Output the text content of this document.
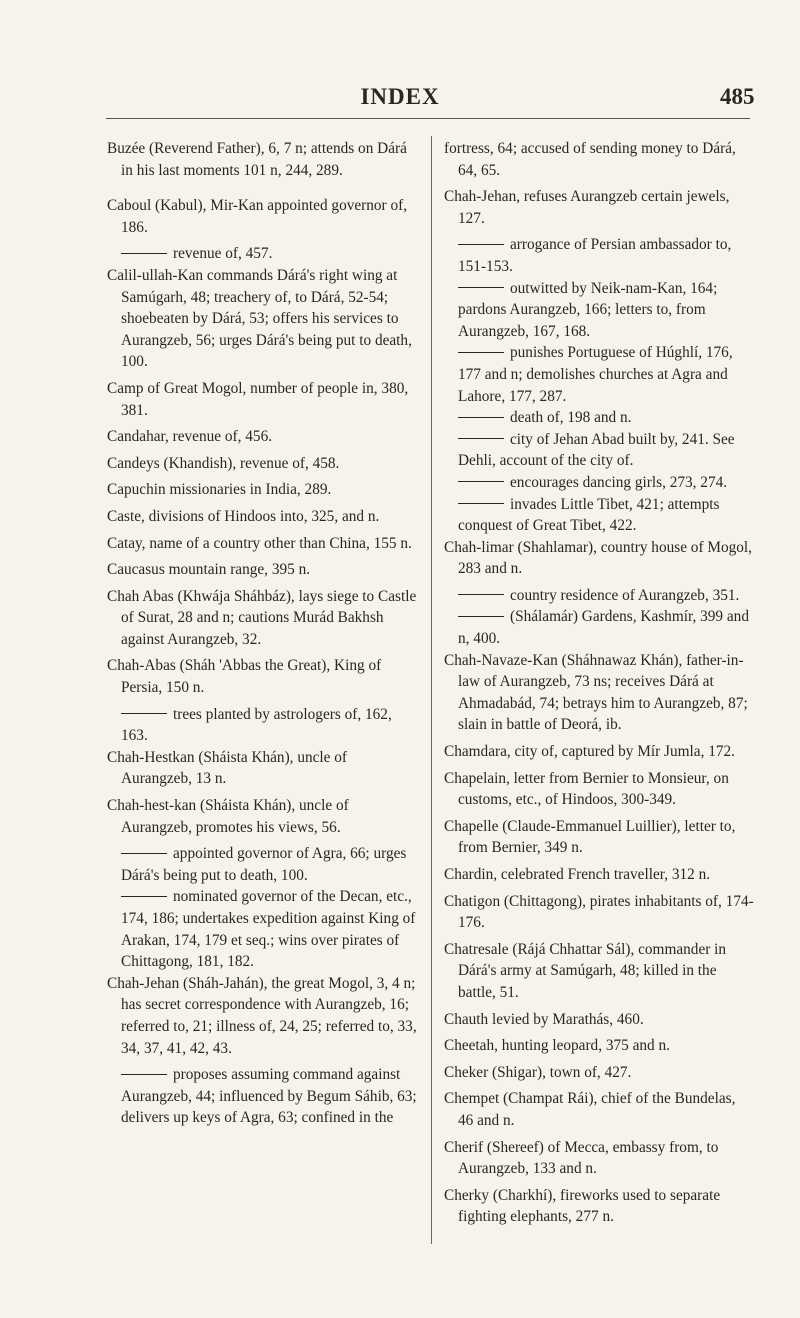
INDEX	485

Buzée (Reverend Father), 6, 7 n; attends on Dárá in his last moments 101 n, 244, 289.

Caboul (Kabul), Mir-Kan appointed governor of, 186.

revenue of, 457.

Calil-ullah-Kan commands Dárá's right wing at Samúgarh, 48; treachery of, to Dárá, 52-54; shoebeaten by Dárá, 53; offers his services to Aurangzeb, 56; urges Dárá's being put to death, 100.

Camp of Great Mogol, number of people in, 380, 381.

Candahar, revenue of, 456.

Candeys (Khandish), revenue of, 458.

Capuchin missionaries in India, 289.

Caste, divisions of Hindoos into, 325, and n.

Catay, name of a country other than China, 155 n.

Caucasus mountain range, 395 n.

Chah Abas (Khwája Sháhbáz), lays siege to Castle of Surat, 28 and n; cautions Murád Bakhsh against Aurangzeb, 32.

Chah-Abas (Sháh 'Abbas the Great), King of Persia, 150 n.

trees planted by astrologers of, 162, 163.

Chah-Hestkan (Sháista Khán), uncle of Aurangzeb, 13 n.

Chah-hest-kan (Sháista Khán), uncle of Aurangzeb, promotes his views, 56.

appointed governor of Agra, 66; urges Dárá's being put to death, 100.

nominated governor of the Decan, etc., 174, 186; undertakes expedition against King of Arakan, 174, 179 et seq.; wins over pirates of Chittagong, 181, 182.

Chah-Jehan (Sháh-Jahán), the great Mogol, 3, 4 n; has secret correspondence with Aurangzeb, 16; referred to, 21; illness of, 24, 25; referred to, 33, 34, 37, 41, 42, 43.

proposes assuming command against Aurangzeb, 44; influenced by Begum Sáhib, 63; delivers up keys of Agra, 63; confined in the

fortress, 64; accused of sending money to Dárá, 64, 65.

Chah-Jehan, refuses Aurangzeb certain jewels, 127.

arrogance of Persian ambassador to, 151-153.

outwitted by Neik-nam-Kan, 164; pardons Aurangzeb, 166; letters to, from Aurangzeb, 167, 168.

punishes Portuguese of Húghlí, 176, 177 and n; demolishes churches at Agra and Lahore, 177, 287.

death of, 198 and n.

city of Jehan Abad built by, 241. See Dehli, account of the city of.

encourages dancing girls, 273, 274.

invades Little Tibet, 421; attempts conquest of Great Tibet, 422.

Chah-limar (Shahlamar), country house of Mogol, 283 and n.

country residence of Aurangzeb, 351.

(Shálamár) Gardens, Kashmír, 399 and n, 400.

Chah-Navaze-Kan (Sháhnawaz Khán), father-in-law of Aurangzeb, 73 ns; receives Dárá at Ahmadabád, 74; betrays him to Aurangzeb, 87; slain in battle of Deorá, ib.

Chamdara, city of, captured by Mír Jumla, 172.

Chapelain, letter from Bernier to Monsieur, on customs, etc., of Hindoos, 300-349.

Chapelle (Claude-Emmanuel Luillier), letter to, from Bernier, 349 n.

Chardin, celebrated French traveller, 312 n.

Chatigon (Chittagong), pirates inhabitants of, 174-176.

Chatresale (Rájá Chhattar Sál), commander in Dárá's army at Samúgarh, 48; killed in the battle, 51.

Chauth levied by Marathás, 460.

Cheetah, hunting leopard, 375 and n.

Cheker (Shigar), town of, 427.

Chempet (Champat Rái), chief of the Bundelas, 46 and n.

Cherif (Shereef) of Mecca, embassy from, to Aurangzeb, 133 and n.

Cherky (Charkhí), fireworks used to separate fighting elephants, 277 n.
